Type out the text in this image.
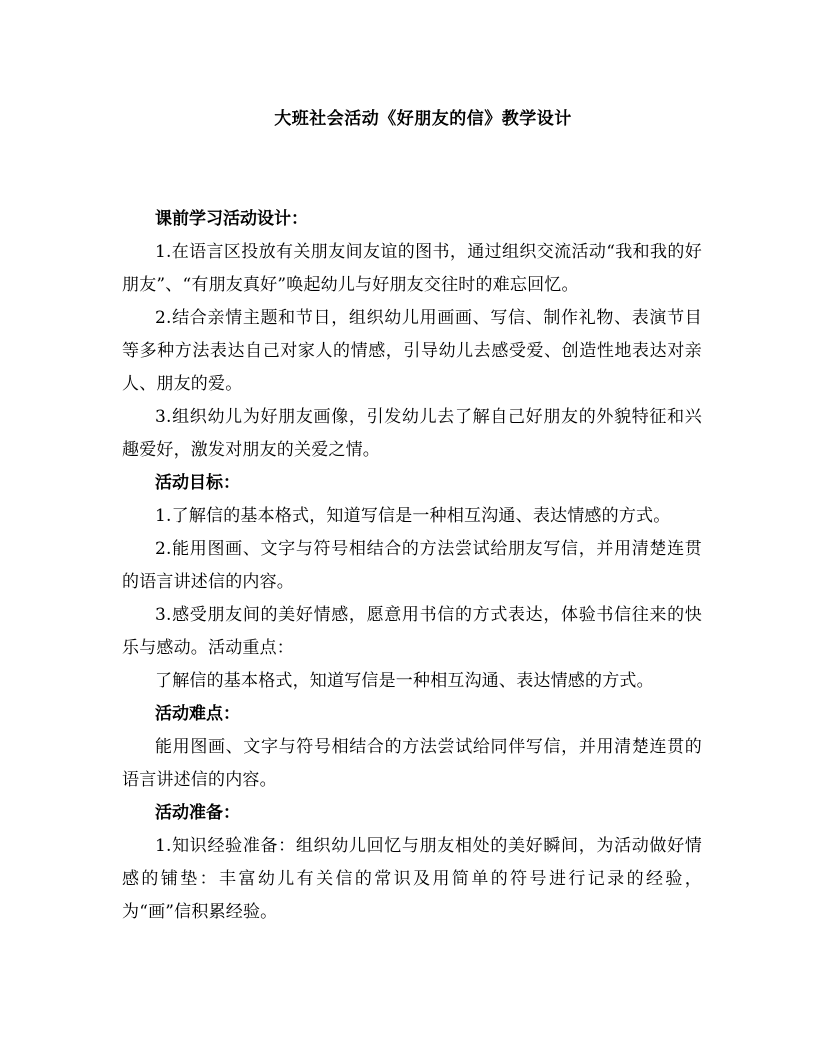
大班社会活动《好朋友的信》教学设计
课前学习活动设计：
1.在语言区投放有关朋友间友谊的图书，通过组织交流活动“我和我的好朋友”、“有朋友真好”唤起幼儿与好朋友交往时的难忘回忆。
2.结合亲情主题和节日，组织幼儿用画画、写信、制作礼物、表演节目等多种方法表达自己对家人的情感，引导幼儿去感受爱、创造性地表达对亲人、朋友的爱。
3.组织幼儿为好朋友画像，引发幼儿去了解自己好朋友的外貌特征和兴趣爱好，激发对朋友的关爱之情。
活动目标：
1.了解信的基本格式，知道写信是一种相互沟通、表达情感的方式。
2.能用图画、文字与符号相结合的方法尝试给朋友写信，并用清楚连贯的语言讲述信的内容。
3.感受朋友间的美好情感，愿意用书信的方式表达，体验书信往来的快乐与感动。活动重点：
了解信的基本格式，知道写信是一种相互沟通、表达情感的方式。
活动难点：
能用图画、文字与符号相结合的方法尝试给同伴写信，并用清楚连贯的语言讲述信的内容。
活动准备：
1.知识经验准备：组织幼儿回忆与朋友相处的美好瞬间，为活动做好情感的铺垫：丰富幼儿有关信的常识及用简单的符号进行记录的经验，为“画”信积累经验。
